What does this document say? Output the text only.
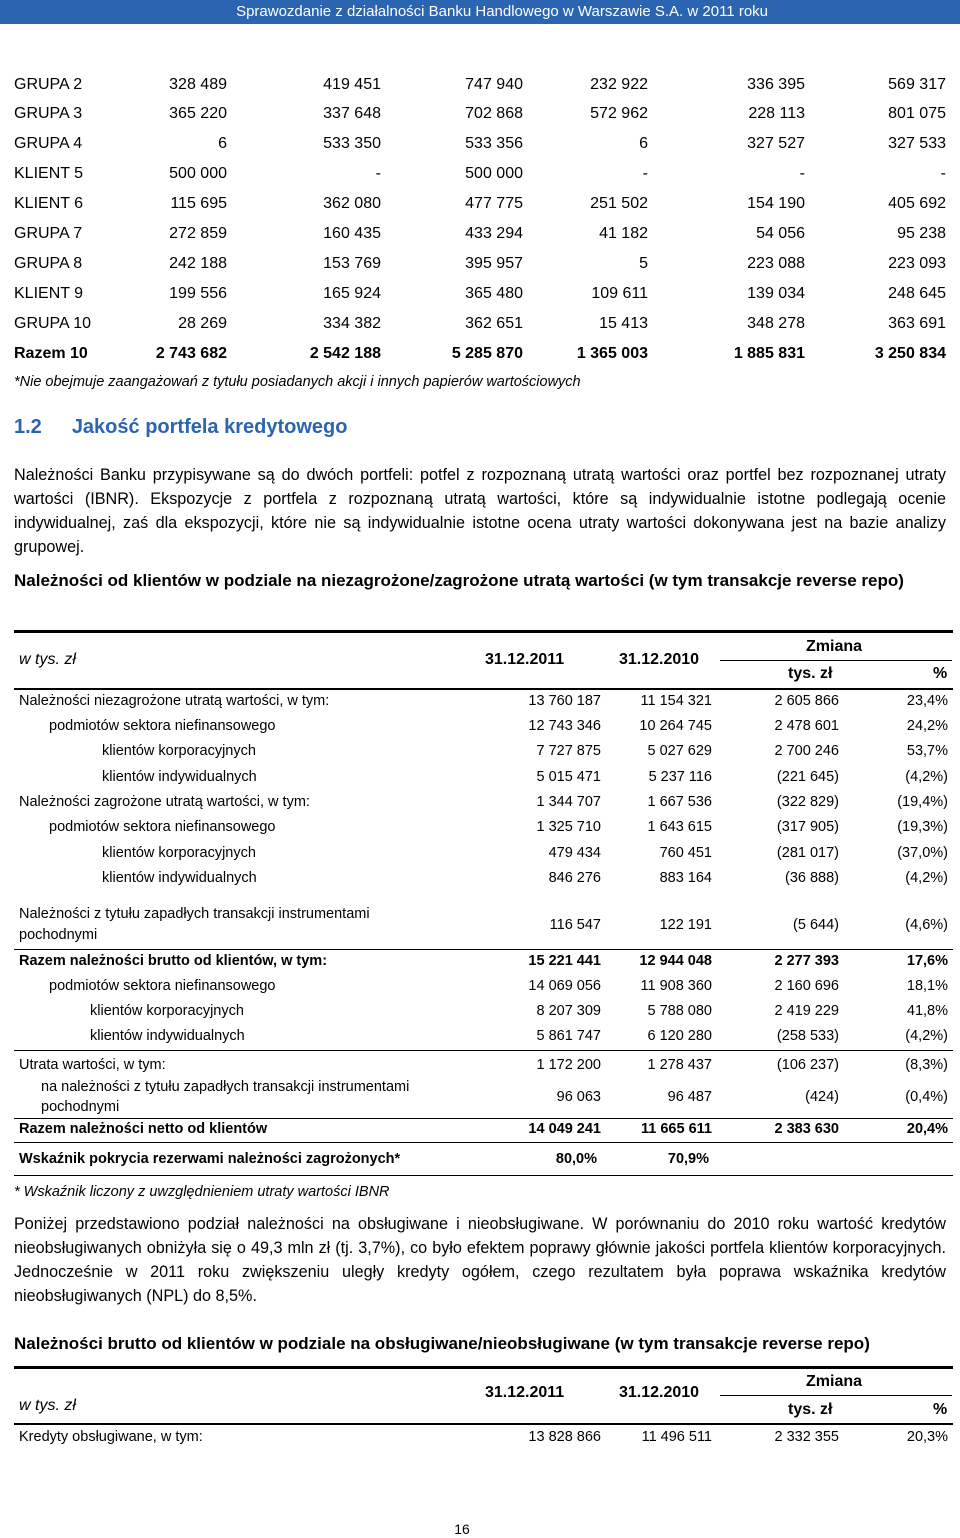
Sprawozdanie z działalności Banku Handlowego w Warszawie S.A. w 2011 roku
GRUPA 2	328 489	419 451	747 940	232 922	336 395	569 317
GRUPA 3	365 220	337 648	702 868	572 962	228 113	801 075
GRUPA 4	6	533 350	533 356	6	327 527	327 533
KLIENT 5	500 000	-	500 000	-	-	-
KLIENT 6	115 695	362 080	477 775	251 502	154 190	405 692
GRUPA 7	272 859	160 435	433 294	41 182	54 056	95 238
GRUPA 8	242 188	153 769	395 957	5	223 088	223 093
KLIENT 9	199 556	165 924	365 480	109 611	139 034	248 645
GRUPA 10	28 269	334 382	362 651	15 413	348 278	363 691
Razem 10	2 743 682	2 542 188	5 285 870	1 365 003	1 885 831	3 250 834
*Nie obejmuje zaangażowań z tytułu posiadanych akcji i innych papierów wartościowych
1.2 Jakość portfela kredytowego
Należności Banku przypisywane są do dwóch portfeli: potfel z rozpoznaną utratą wartości oraz portfel bez rozpoznanej utraty wartości (IBNR). Ekspozycje z portfela z rozpoznaną utratą wartości, które są indywidualnie istotne podlegają ocenie indywidualnej, zaś dla ekspozycji, które nie są indywidualnie istotne ocena utraty wartości dokonywana jest na bazie analizy grupowej.
Należności od klientów w podziale na niezagrożone/zagrożone utratą wartości (w tym transakcje reverse repo)
w tys. zł	31.12.2011	31.12.2010
Zmiana
tys. zł	%
Należności niezagrożone utratą wartości, w tym:	13 760 187	11 154 321	2 605 866	23,4%
podmiotów sektora niefinansowego	12 743 346	10 264 745	2 478 601	24,2%
klientów korporacyjnych	7 727 875	5 027 629	2 700 246	53,7%
klientów indywidualnych	5 015 471	5 237 116	(221 645)	(4,2%)
Należności zagrożone utratą wartości, w tym:	1 344 707	1 667 536	(322 829)	(19,4%)
podmiotów sektora niefinansowego	1 325 710	1 643 615	(317 905)	(19,3%)
klientów korporacyjnych	479 434	760 451	(281 017)	(37,0%)
klientów indywidualnych	846 276	883 164	(36 888)	(4,2%)
Należności z tytułu zapadłych transakcji instrumentami
pochodnymi
116 547	122 191	(5 644)	(4,6%)
Razem należności brutto od klientów, w tym:	15 221 441	12 944 048	2 277 393	17,6%
podmiotów sektora niefinansowego	14 069 056	11 908 360	2 160 696	18,1%
klientów korporacyjnych	8 207 309	5 788 080	2 419 229	41,8%
klientów indywidualnych	5 861 747	6 120 280	(258 533)	(4,2%)
Utrata wartości, w tym:	1 172 200	1 278 437	(106 237)	(8,3%)
na należności z tytułu zapadłych transakcji instrumentami
pochodnymi
96 063	96 487	(424)	(0,4%)
Razem należności netto od klientów	14 049 241	11 665 611	2 383 630	20,4%
Wskaźnik pokrycia rezerwami należności zagrożonych*	80,0%	70,9%
* Wskaźnik liczony z uwzględnieniem utraty wartości IBNR
Poniżej przedstawiono podział należności na obsługiwane i nieobsługiwane. W porównaniu do 2010 roku wartość kredytów nieobsługiwanych obniżyła się o 49,3 mln zł (tj. 3,7%), co było efektem poprawy głównie jakości portfela klientów korporacyjnych. Jednocześnie w 2011 roku zwiększeniu uległy kredyty ogółem, czego rezultatem była poprawa wskaźnika kredytów nieobsługiwanych (NPL) do 8,5%.
Należności brutto od klientów w podziale na obsługiwane/nieobsługiwane (w tym transakcje reverse repo)
w tys. zł
31.12.2011	31.12.2010
Zmiana
tys. zł	%
Kredyty obsługiwane, w tym:	13 828 866	11 496 511	2 332 355	20,3%
16
